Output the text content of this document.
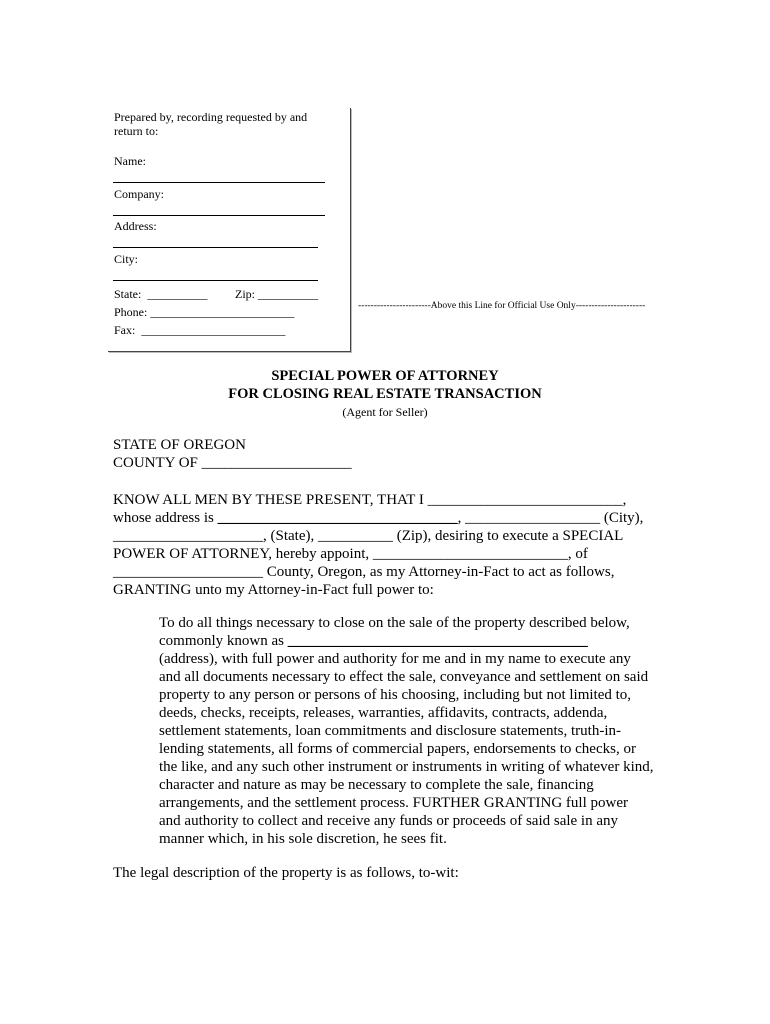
Prepared by, recording requested by and
return to:
Name:
Company:
Address:
City:
State:  __________ Zip: __________
Phone: ________________________
Fax:  ________________________
-----------------------Above this Line for Official Use Only----------------------
SPECIAL POWER OF ATTORNEY
FOR CLOSING REAL ESTATE TRANSACTION
(Agent for Seller)
STATE OF OREGON
COUNTY OF ____________________
KNOW ALL MEN BY THESE PRESENT, THAT I __________________________,
whose address is ________________________________, __________________ (City),
____________________, (State), __________ (Zip), desiring to execute a SPECIAL
POWER OF ATTORNEY, hereby appoint, __________________________, of
____________________ County, Oregon, as my Attorney-in-Fact to act as follows,
GRANTING unto my Attorney-in-Fact full power to:
To do all things necessary to close on the sale of the property described below,
commonly known as ________________________________________
(address), with full power and authority for me and in my name to execute any
and all documents necessary to effect the sale, conveyance and settlement on said
property to any person or persons of his choosing, including but not limited to,
deeds, checks, receipts, releases, warranties, affidavits, contracts, addenda,
settlement statements, loan commitments and disclosure statements, truth-in-
lending statements, all forms of commercial papers, endorsements to checks, or
the like, and any such other instrument or instruments in writing of whatever kind,
character and nature as may be necessary to complete the sale, financing
arrangements, and the settlement process. FURTHER GRANTING full power
and authority to collect and receive any funds or proceeds of said sale in any
manner which, in his sole discretion, he sees fit.
The legal description of the property is as follows, to-wit:
